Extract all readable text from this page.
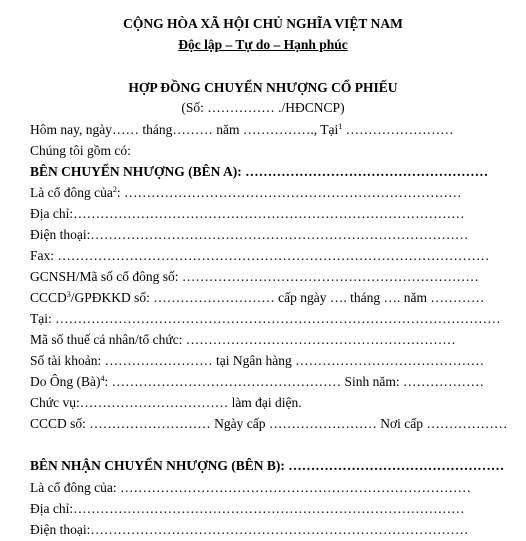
CỘNG HÒA XÃ HỘI CHỦ NGHĨA VIỆT NAM
Độc lập – Tự do – Hạnh phúc
HỢP ĐỒNG CHUYỂN NHƯỢNG CỔ PHIẾU
(Số: …………… ./HĐCNCP)
Hôm nay, ngày…… tháng……… năm ……………., Tại$^1$ ……………………
Chúng tôi gồm có:
BÊN CHUYỂN NHƯỢNG (BÊN A): ………………………………………………
Là cổ đông của$^2$: …………………………………………………………………
Địa chỉ:……………………………………………………………………………
Điện thoại:…………………………………………………………………………
Fax: ……………………………………………………………………………………
GCNSH/Mã số cổ đông số: …………………………………………………………
CCCD$^3$/GPĐKKD số: ……………………… cấp ngày …. tháng …. năm …………
Tại: ………………………………………………………………………………………
Mã số thuế cá nhân/tổ chức: ……………………………………………………
Số tài khoản: …………………… tại Ngân hàng ……………………………………
Do Ông (Bà)$^4$: …………………………………………… Sinh năm: ………………
Chức vụ:…………………………… làm đại diện.
CCCD số: ……………………… Ngày cấp …………………… Nơi cấp ………………
BÊN NHẬN CHUYỂN NHƯỢNG (BÊN B): …………………………………………
Là cổ đông của: ……………………………………………………………………
Địa chỉ:……………………………………………………………………………
Điện thoại:…………………………………………………………………………
